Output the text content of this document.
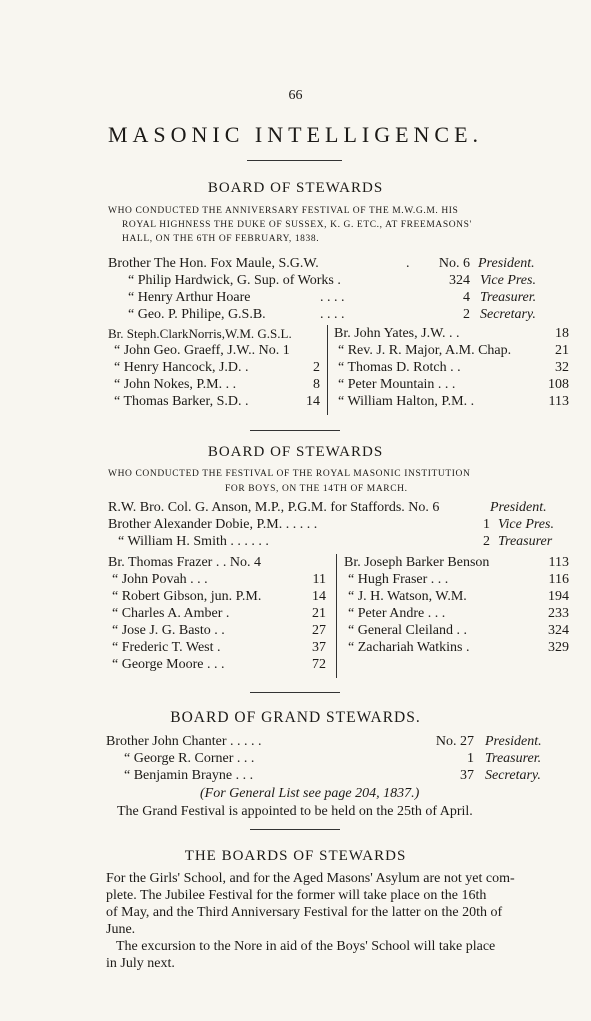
66
MASONIC INTELLIGENCE.
BOARD OF STEWARDS
WHO CONDUCTED THE ANNIVERSARY FESTIVAL OF THE M.W.G.M. HIS
ROYAL HIGHNESS THE DUKE OF SUSSEX, K. G. ETC., AT FREEMASONS'
HALL, ON THE 6TH OF FEBRUARY, 1838.
Brother The Hon. Fox Maule, S.G.W.	.	No. 6 President.
“ Philip Hardwick, G. Sup. of Works .	324 Vice Pres.
“ Henry Arthur Hoare	. . . .	4 Treasurer.
“ Geo. P. Philipe, G.S.B.	. . . .	2 Secretary.
Br. Steph.ClarkNorris,W.M. G.S.L.
“ John Geo. Graeff, J.W.. No. 1
“ Henry Hancock, J.D. .	2
“ John Nokes, P.M. . .	8
“ Thomas Barker, S.D. .	14
Br. John Yates, J.W. . .	18
“ Rev. J. R. Major, A.M. Chap.	21
“ Thomas D. Rotch . .	32
“ Peter Mountain . . .	108
“ William Halton, P.M. .	113
BOARD OF STEWARDS
WHO CONDUCTED THE FESTIVAL OF THE ROYAL MASONIC INSTITUTION
FOR BOYS, ON THE 14TH OF MARCH.
R.W. Bro. Col. G. Anson, M.P., P.G.M. for Staffords. No. 6	President.
Brother Alexander Dobie, P.M. . . . . .	1 Vice Pres.
“ William H. Smith . . . . . .	2 Treasurer
Br. Thomas Frazer . . No. 4
“ John Povah . . .	11
“ Robert Gibson, jun. P.M.	14
“ Charles A. Amber .	21
“ Jose J. G. Basto . .	27
“ Frederic T. West .	37
“ George Moore . . .	72
Br. Joseph Barker Benson	113
“ Hugh Fraser . . .	116
“ J. H. Watson, W.M.	194
“ Peter Andre . . .	233
“ General Cleiland . .	324
“ Zachariah Watkins .	329
BOARD OF GRAND STEWARDS.
Brother John Chanter . . . . .	No. 27 President.
“ George R. Corner . . .	1 Treasurer.
“ Benjamin Brayne . . .	37 Secretary.
(For General List see page 204, 1837.)
The Grand Festival is appointed to be held on the 25th of April.
THE BOARDS OF STEWARDS
For the Girls' School, and for the Aged Masons' Asylum are not yet com-
plete. The Jubilee Festival for the former will take place on the 16th
of May, and the Third Anniversary Festival for the latter on the 20th of
June.
The excursion to the Nore in aid of the Boys' School will take place
in July next.
